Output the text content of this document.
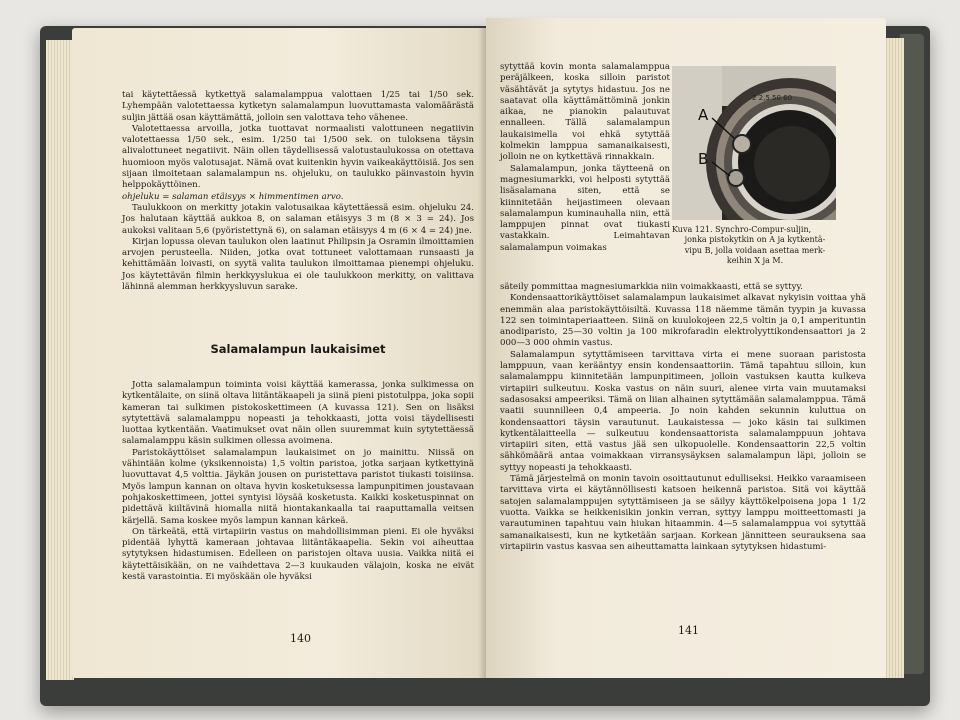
tai käytettäessä kytkettyä salamalamppua valottaen 1/25 tai 1/50 sek. Lyhempään valotettaessa kytketyn salamalampun luovuttamasta valomäärästä suljin jättää osan käyttämättä, jolloin sen valottava teho vähenee.

Valotettaessa arvoilla, jotka tuottavat normaalisti valottuneen negatiivin valotettaessa 1/50 sek., esim. 1/250 tai 1/500 sek. on tuloksena täysin alivalottuneet negatiivit. Näin ollen täydellisessä valotustaulukossa on otettava huomioon myös valotusajat. Nämä ovat kuitenkin hyvin vaikeakäyttöisiä. Jos sen sijaan ilmoitetaan salamalampun ns. ohjeluku, on taulukko päinvastoin hyvin helppokäyttöinen.

ohjeluku = salaman etäisyys × himmentimen arvo.

Taulukkoon on merkitty jotakin valotusaikaa käytettäessä esim. ohjeluku 24. Jos halutaan käyttää aukkoa 8, on salaman etäisyys 3 m (8 × 3 = 24). Jos aukoksi valitaan 5,6 (pyöristettynä 6), on salaman etäisyys 4 m (6 × 4 = 24) jne.

Kirjan lopussa olevan taulukon olen laatinut Philipsin ja Osramin ilmoittamien arvojen perusteella. Niiden, jotka ovat tottuneet valottamaan runsaasti ja kehittämään loivasti, on syytä valita taulukon ilmoittamaa pienempi ohjeluku. Jos käytettävän filmin herkkyyslukua ei ole taulukkoon merkitty, on valittava lähinnä alemman herkkyysluvun sarake.

Salamalampun laukaisimet

Jotta salamalampun toiminta voisi käyttää kamerassa, jonka sulkimessa on kytkentälaite, on siinä oltava liitäntäkaapeli ja siinä pieni pistotulppa, joka sopii kameran tai sulkimen pistokoskettimeen (A kuvassa 121). Sen on lisäksi sytytettävä salamalamppu nopeasti ja tehokkaasti, jotta voisi täydellisesti luottaa kytkentään. Vaatimukset ovat näin ollen suuremmat kuin sytytettäessä salamalamppu käsin sulkimen ollessa avoimena.

Paristokäyttöiset salamalampun laukaisimet on jo mainittu. Niissä on vähintään kolme (yksikennoista) 1,5 voltin paristoa, jotka sarjaan kytkettyinä luovuttavat 4,5 volttia. Jäykän jousen on puristettava paristot tiukasti toisiinsa. Myös lampun kannan on oltava hyvin kosketuksessa lampunpitimen joustavaan pohjakoskettimeen, jottei syntyisi löysää kosketusta. Kaikki kosketuspinnat on pidettävä kiiltävinä hiomalla niitä hiontakankaalla tai raaputtamalla veitsen kärjellä. Sama koskee myös lampun kannan kärkeä.

On tärkeätä, että virtapiirin vastus on mahdollisimman pieni. Ei ole hyväksi pidentää lyhyttä kameraan johtavaa liitäntäkaapelia. Sekin voi aiheuttaa sytytyksen hidastumisen. Edelleen on paristojen oltava uusia. Vaikka niitä ei käytettäisikään, on ne vaihdettava 2—3 kuukauden välajoin, koska ne eivät kestä varastointia. Ei myöskään ole hyväksi

140

sytyttää kovin monta salamalamppua peräjälkeen, koska silloin paristot väsähtävät ja sytytys hidastuu. Jos ne saatavat olla käyttämättöminä jonkin aikaa, ne pianokin palautuvat ennalleen. Tällä salamalampun laukaisimella voi ehkä sytyttää kolmekin lamppua samanaikaisesti, jolloin ne on kytkettävä rinnakkain.

Salamalampun, jonka täytteenä on magnesiumarkki, voi helposti sytyttää lisäsalamana siten, että se kiinnitetään heijastimeen olevaan salamalampun kuminauhalla niin, että lamppujen pinnat ovat tiukasti vastakkain. Leimahtavan salamalampun voimakas

2 2,5 50 60
A
B
Kuva 121. Synchro-Compur-suljin,
jonka pistokytkin on A ja kytkentä-
vipu B, jolla voidaan asettaa merk-
keihin X ja M.

säteily pommittaa magnesiumarkkia niin voimakkaasti, että se syttyy.

Kondensaattorikäyttöiset salamalampun laukaisimet alkavat nykyisin voittaa yhä enemmän alaa paristokäyttöisiltä. Kuvassa 118 näemme tämän tyypin ja kuvassa 122 sen toimintaperiaatteen. Siinä on kuulokojeen 22,5 voltin ja 0,1 amperituntin anodiparisto, 25—30 voltin ja 100 mikrofaradin elektrolyyttikondensaattori ja 2 000—3 000 ohmin vastus.

Salamalampun sytyttämiseen tarvittava virta ei mene suoraan paristosta lamppuun, vaan kerääntyy ensin kondensaattoriin. Tämä tapahtuu silloin, kun salamalamppu kiinnitetään lampunpitimeen, jolloin vastuksen kautta kulkeva virtapiiri sulkeutuu. Koska vastus on näin suuri, alenee virta vain muutamaksi sadasosaksi ampeeriksi. Tämä on liian alhainen sytyttämään salamalamppua. Tämä vaatii suunnilleen 0,4 ampeeria. Jo noin kahden sekunnin kuluttua on kondensaattori täysin varautunut. Laukaistessa — joko käsin tai sulkimen kytkentälaitteella — sulkeutuu kondensaattorista salamalamppuun johtava virtapiiri siten, että vastus jää sen ulkopuolelle. Kondensaattorin 22,5 voltin sähkömäärä antaa voimakkaan virransysäyksen salamalampun läpi, jolloin se syttyy nopeasti ja tehokkaasti.

Tämä järjestelmä on monin tavoin osoittautunut edulliseksi. Heikko varaamiseen tarvittava virta ei käytännöllisesti katsoen heikennä paristoa. Sitä voi käyttää satojen salamalamppujen sytyttämiseen ja se säilyy käyttökelpoisena jopa 1 1/2 vuotta. Vaikka se heikkenisikin jonkin verran, syttyy lamppu moitteettomasti ja varautuminen tapahtuu vain hiukan hitaammin. 4—5 salamalamppua voi sytyttää samanaikaisesti, kun ne kytketään sarjaan. Korkean jännitteen seurauksena saa virtapiirin vastus kasvaa sen aiheuttamatta lainkaan sytytyksen hidastumi-

141
